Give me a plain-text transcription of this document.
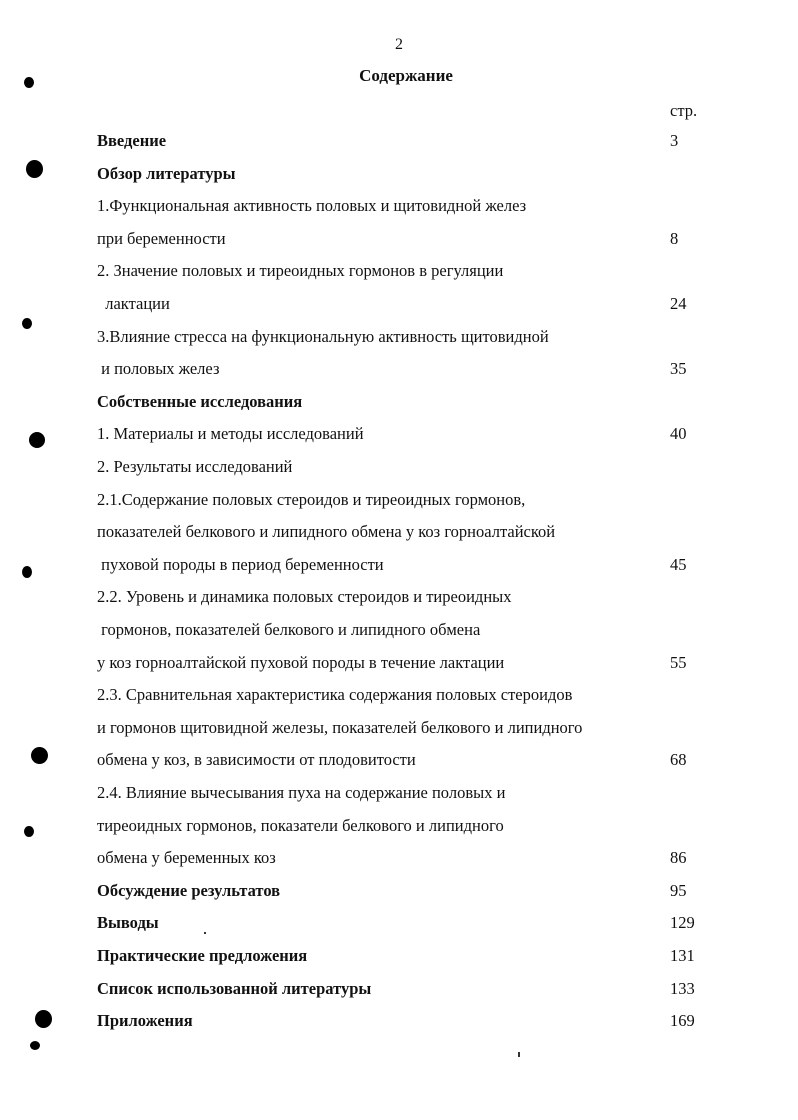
2
Содержание
стр.
Введение	3
Обзор литературы
1.Функциональная активность половых и щитовидной желез
при беременности	8
2. Значение половых и тиреоидных гормонов в регуляции
лактации	24
3.Влияние стресса на функциональную активность щитовидной
и половых желез	35
Собственные исследования
1. Материалы и методы исследований	40
2. Результаты исследований
2.1.Содержание половых стероидов и тиреоидных гормонов,
показателей белкового и липидного обмена у коз горноалтайской
пуховой породы в период беременности	45
2.2. Уровень и динамика половых стероидов и тиреоидных
гормонов, показателей белкового и липидного обмена
у коз горноалтайской пуховой породы в течение лактации	55
2.3. Сравнительная характеристика содержания половых стероидов
и гормонов щитовидной железы, показателей белкового и липидного
обмена у коз, в зависимости от плодовитости	68
2.4. Влияние вычесывания пуха на содержание половых и
тиреоидных гормонов, показатели белкового и липидного
обмена у беременных коз	86
Обсуждение результатов	95
Выводы	129
Практические предложения	131
Список использованной литературы	133
Приложения	169
